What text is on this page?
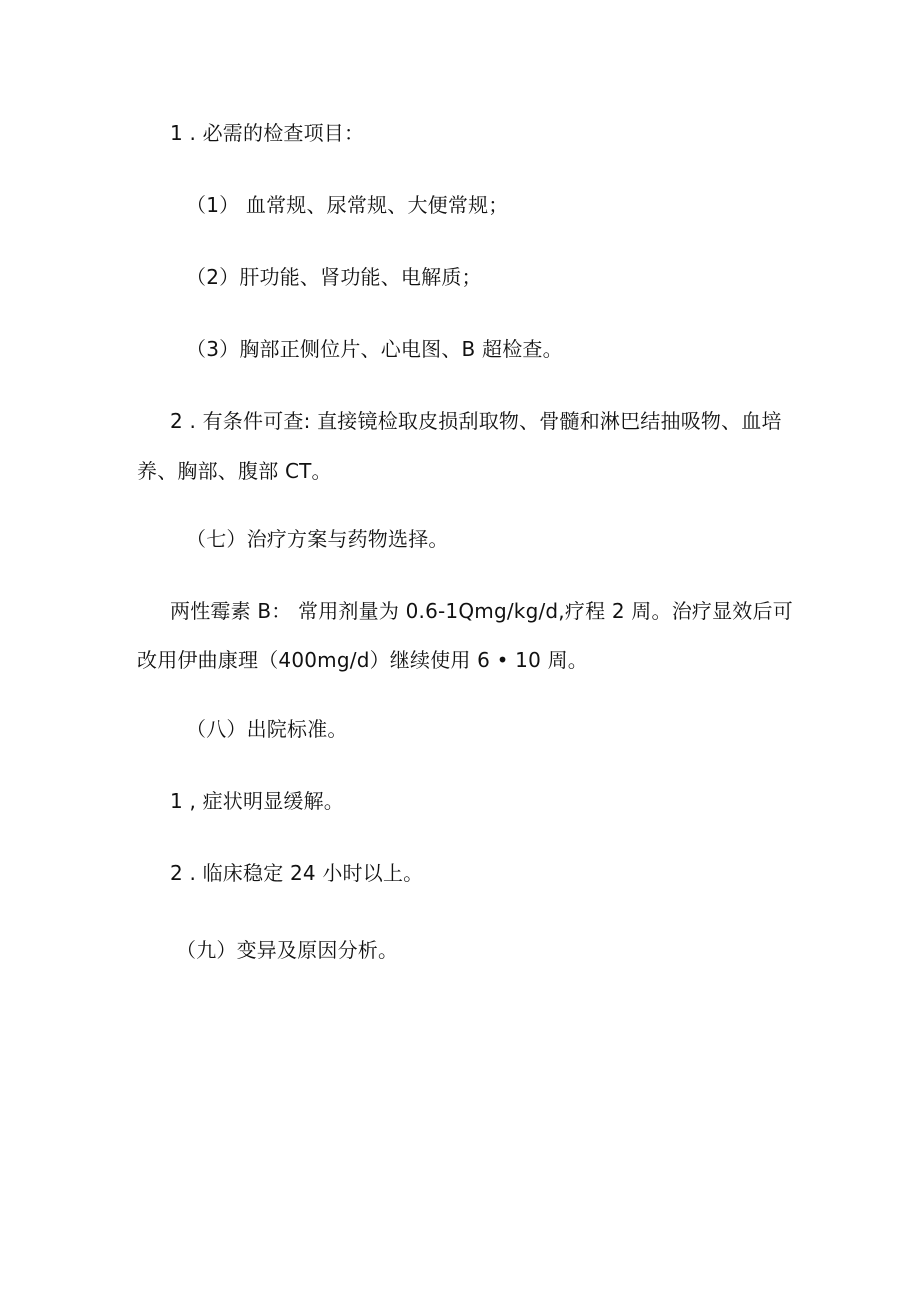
1 . 必需的检查项目：
（1） 血常规、尿常规、大便常规；
（2）肝功能、肾功能、电解质；
（3）胸部正侧位片、心电图、B 超检查。
2 . 有条件可查: 直接镜检取皮损刮取物、骨髓和淋巴结抽吸物、血培
养、胸部、腹部 CT。
（七）治疗方案与药物选择。
两性霉素 B： 常用剂量为 0.6-1Qmg/kg/d,疗程 2 周。治疗显效后可
改用伊曲康理（400mg/d）继续使用 6 • 10 周。
（八）出院标准。
1 , 症状明显缓解。
2 . 临床稳定 24 小时以上。
（九）变异及原因分析。
